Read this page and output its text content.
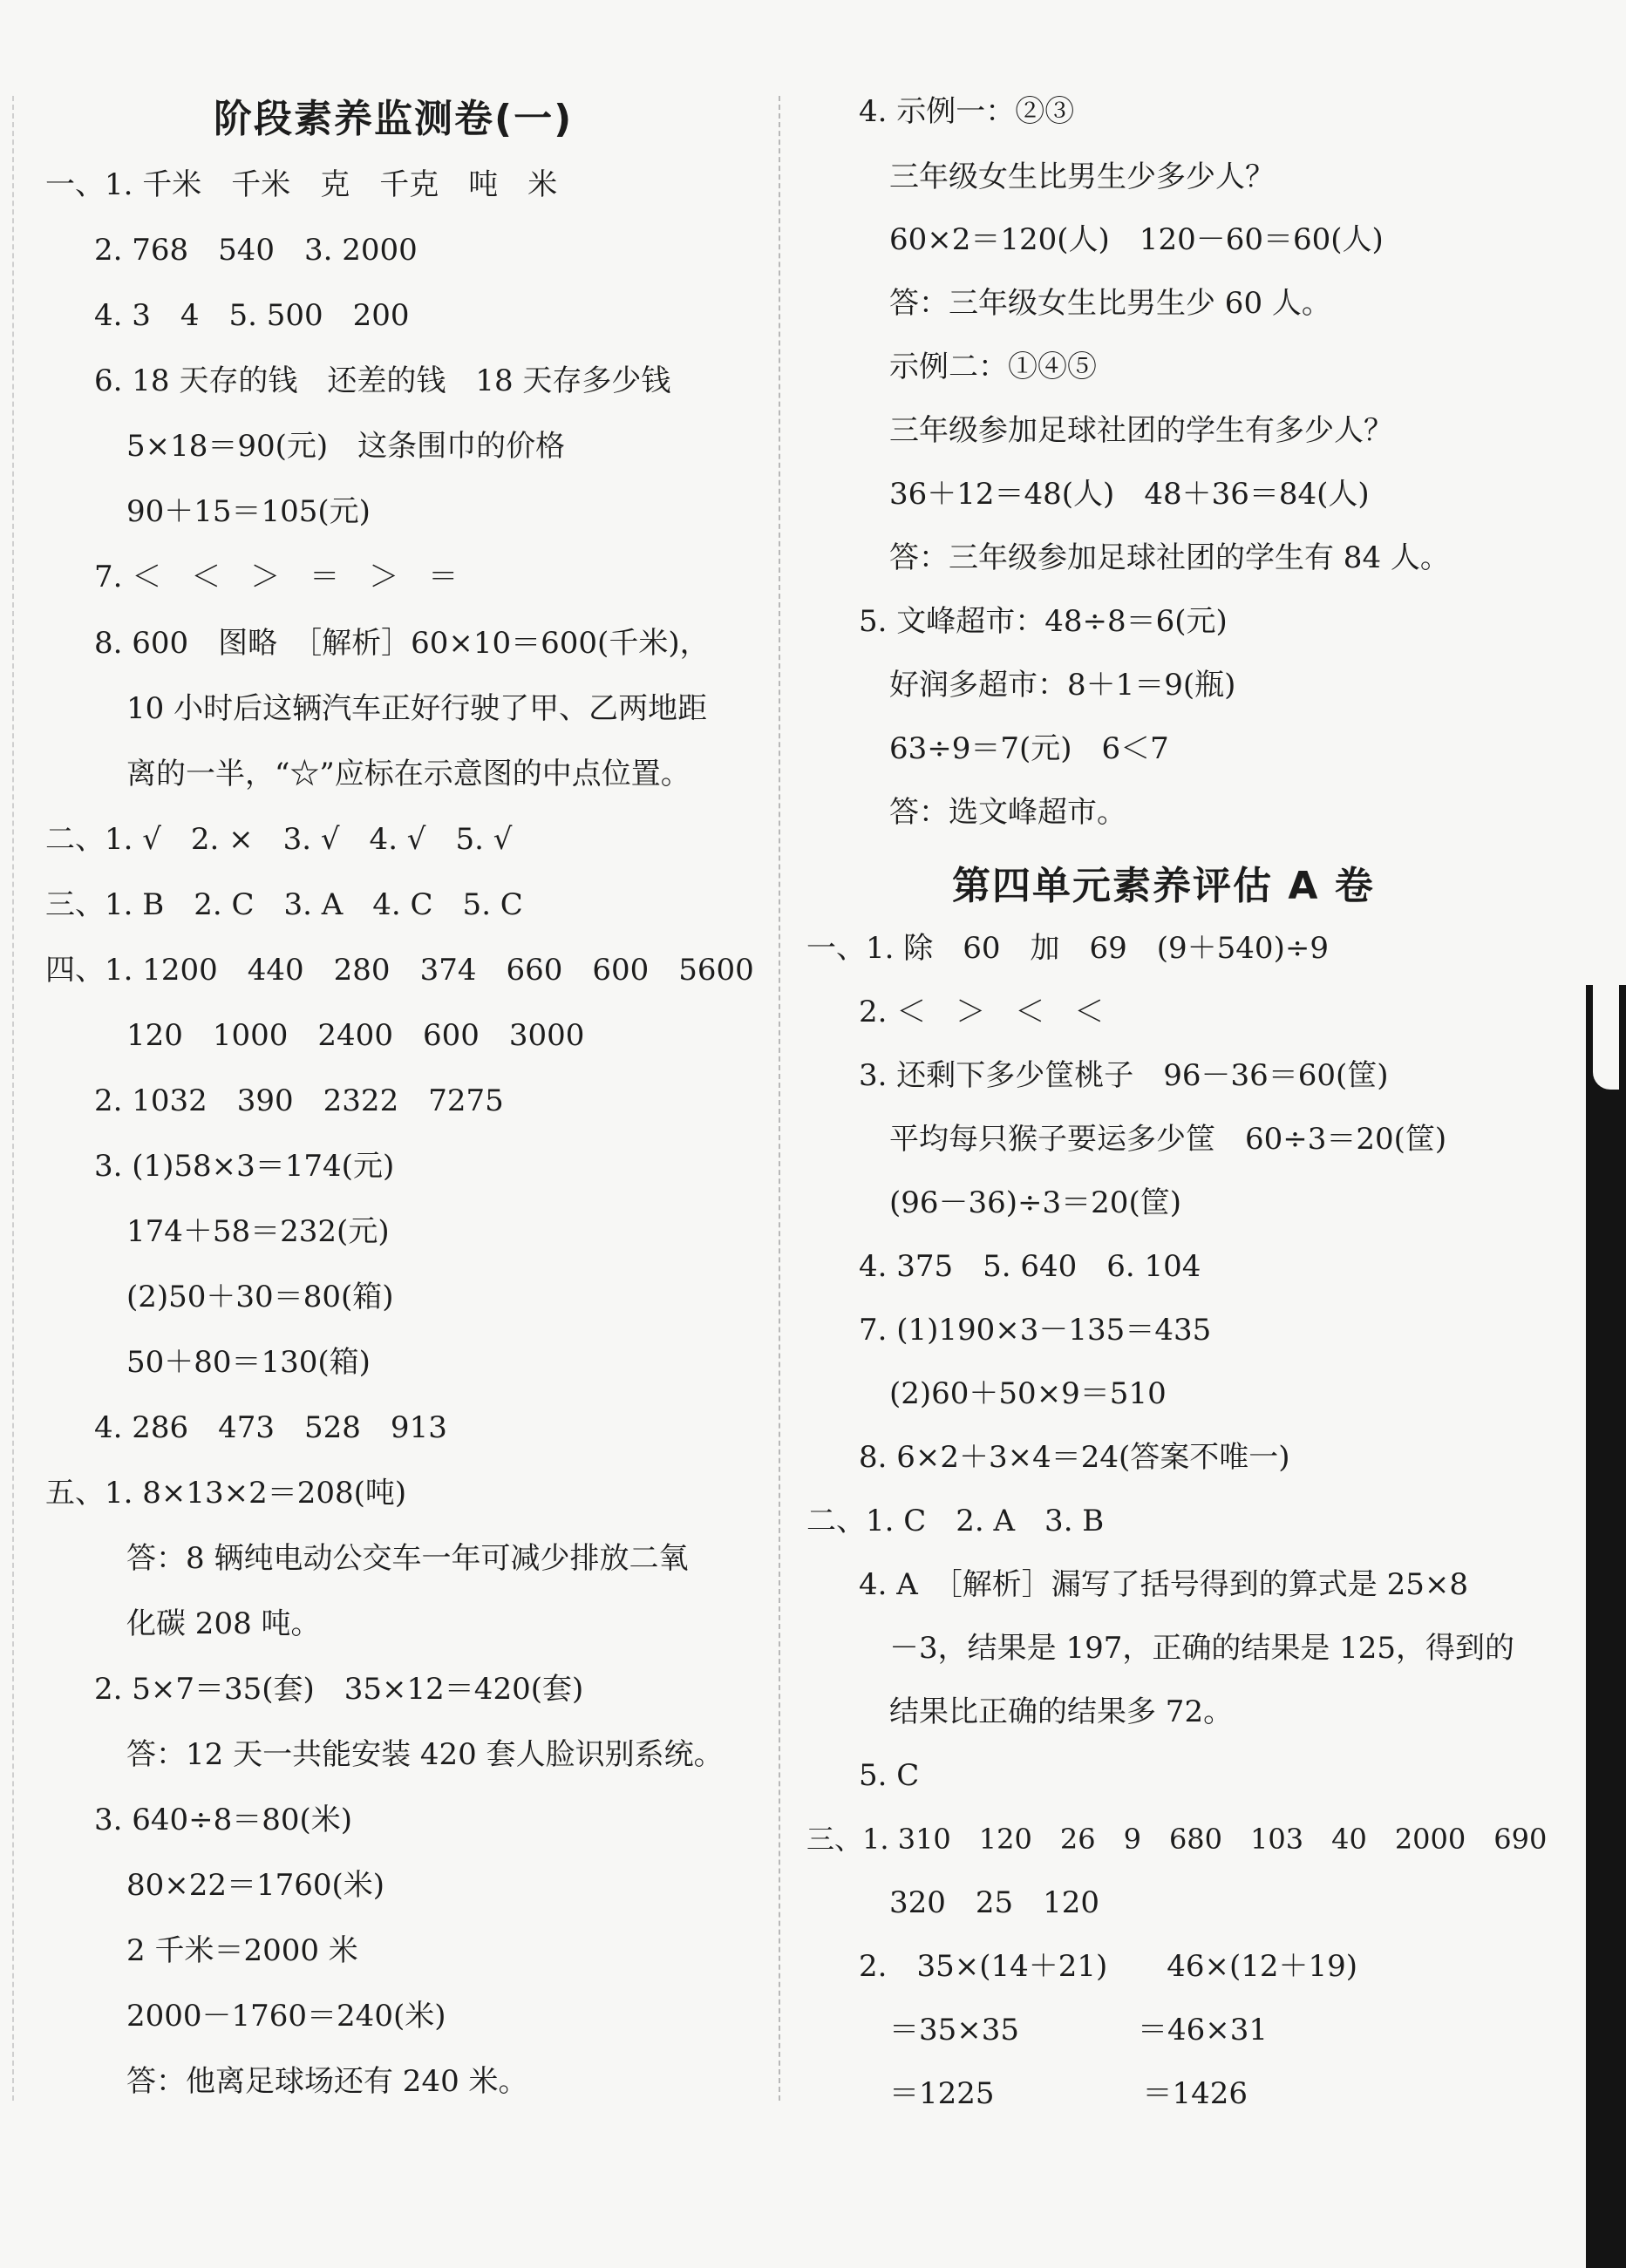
阶段素养监测卷(一)
一、1. 千米　千米　克　千克　吨　米
2. 768　540　3. 2000
4. 3　4　5. 500　200
6. 18 天存的钱　还差的钱　18 天存多少钱
5×18＝90(元)　这条围巾的价格
90＋15＝105(元)
7. ＜　＜　＞　＝　＞　＝
8. 600　图略　［解析］60×10＝600(千米)，
10 小时后这辆汽车正好行驶了甲、乙两地距
离的一半，“☆”应标在示意图的中点位置。
二、1. √　2. ×　3. √　4. √　5. √
三、1. B　2. C　3. A　4. C　5. C
四、1. 1200　440　280　374　660　600　5600
120　1000　2400　600　3000
2. 1032　390　2322　7275
3. (1)58×3＝174(元)
174＋58＝232(元)
(2)50＋30＝80(箱)
50＋80＝130(箱)
4. 286　473　528　913
五、1. 8×13×2＝208(吨)
答：8 辆纯电动公交车一年可减少排放二氧
化碳 208 吨。
2. 5×7＝35(套)　35×12＝420(套)
答：12 天一共能安装 420 套人脸识别系统。
3. 640÷8＝80(米)
80×22＝1760(米)
2 千米＝2000 米
2000－1760＝240(米)
答：他离足球场还有 240 米。
4. 示例一：②③
三年级女生比男生少多少人？
60×2＝120(人)　120－60＝60(人)
答：三年级女生比男生少 60 人。
示例二：①④⑤
三年级参加足球社团的学生有多少人？
36＋12＝48(人)　48＋36＝84(人)
答：三年级参加足球社团的学生有 84 人。
5. 文峰超市：48÷8＝6(元)
好润多超市：8＋1＝9(瓶)
63÷9＝7(元)　6＜7
答：选文峰超市。
第四单元素养评估 A 卷
一、1. 除　60　加　69　(9＋540)÷9
2. ＜　＞　＜　＜
3. 还剩下多少筐桃子　96－36＝60(筐)
平均每只猴子要运多少筐　60÷3＝20(筐)
(96－36)÷3＝20(筐)
4. 375　5. 640　6. 104
7. (1)190×3－135＝435
(2)60＋50×9＝510
8. 6×2＋3×4＝24(答案不唯一)
二、1. C　2. A　3. B
4. A　［解析］漏写了括号得到的算式是 25×8
－3，结果是 197，正确的结果是 125，得到的
结果比正确的结果多 72。
5. C
三、1. 310　120　26　9　680　103　40　2000　690
320　25　120
2.　35×(14＋21)　　46×(12＋19)
＝35×35　　　　＝46×31
＝1225　　　　　＝1426
